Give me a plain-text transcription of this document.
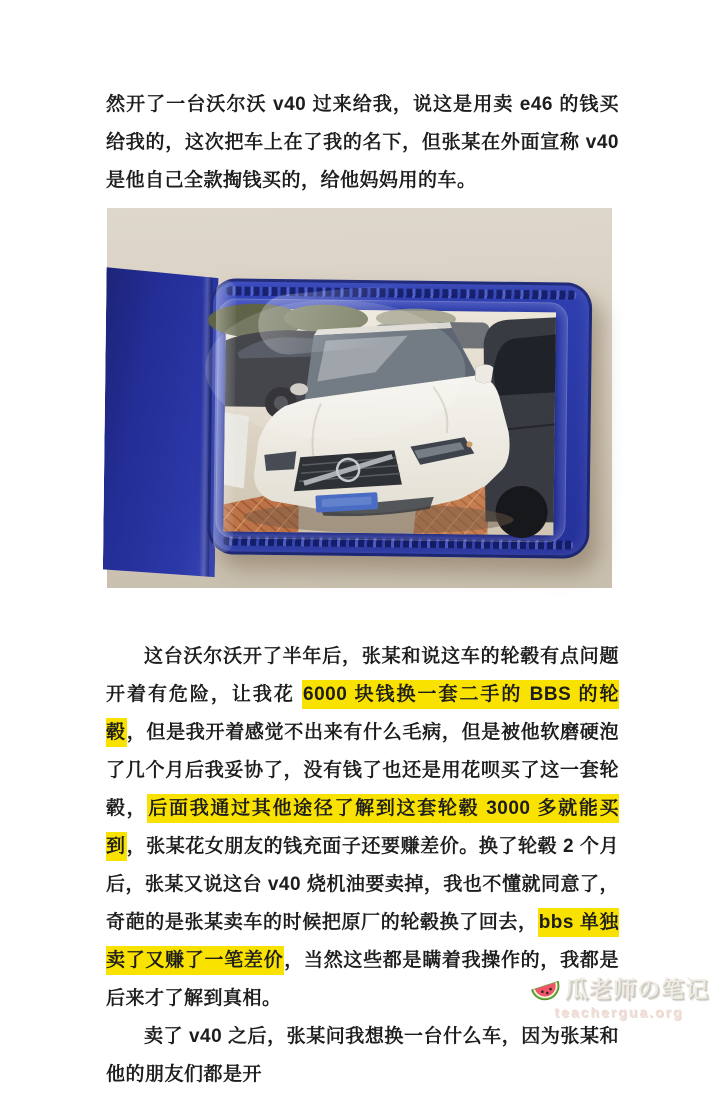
然开了一台沃尔沃 v40 过来给我，说这是用卖 e46 的钱买给我的，这次把车上在了我的名下，但张某在外面宣称 v40 是他自己全款掏钱买的，给他妈妈用的车。

这台沃尔沃开了半年后，张某和说这车的轮毂有点问题开着有危险，让我花 6000 块钱换一套二手的 BBS 的轮毂，但是我开着感觉不出来有什么毛病，但是被他软磨硬泡了几个月后我妥协了，没有钱了也还是用花呗买了这一套轮毂，后面我通过其他途径了解到这套轮毂 3000 多就能买到，张某花女朋友的钱充面子还要赚差价。换了轮毂 2 个月后，张某又说这台 v40 烧机油要卖掉，我也不懂就同意了，奇葩的是张某卖车的时候把原厂的轮毂换了回去，bbs 单独卖了又赚了一笔差价，当然这些都是瞒着我操作的，我都是后来才了解到真相。

卖了 v40 之后，张某问我想换一台什么车，因为张某和他的朋友们都是开

瓜老师の笔记
teachergua.org
